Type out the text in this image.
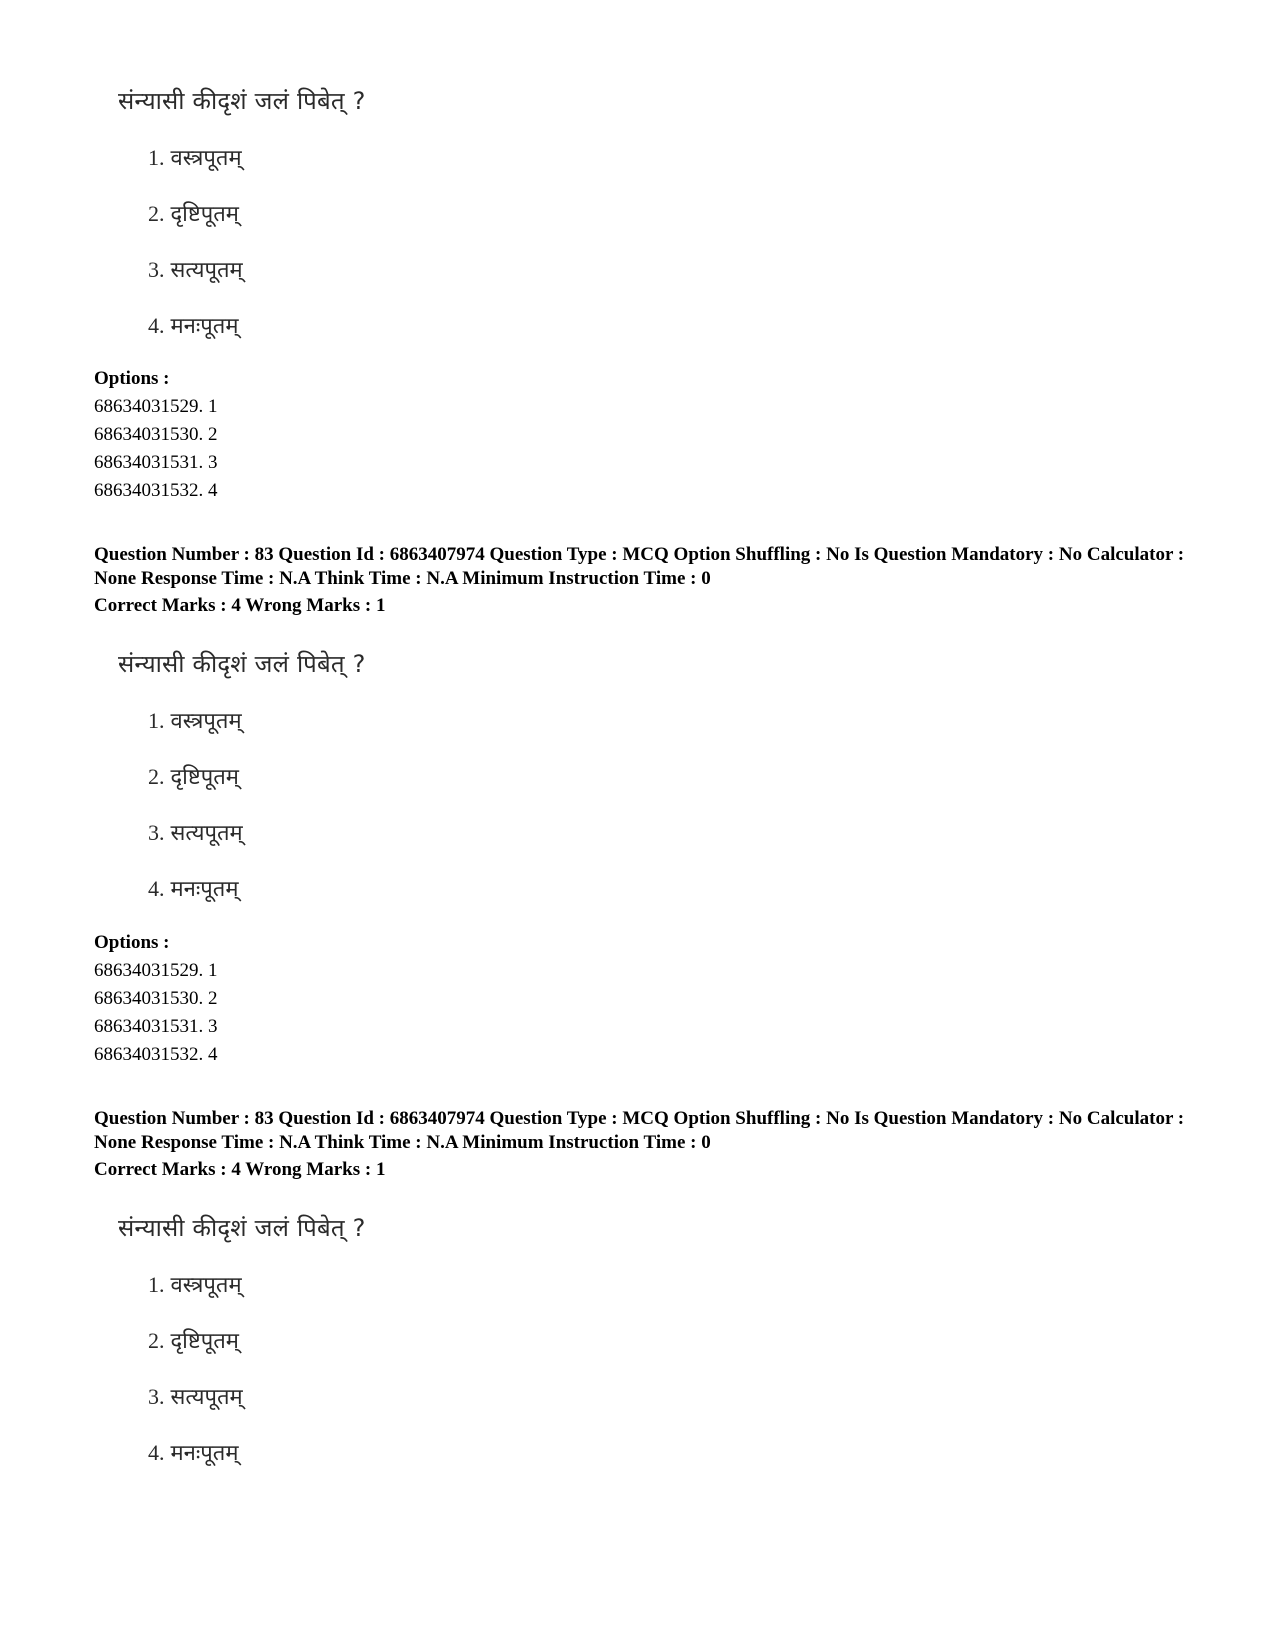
संन्यासी कीदृशं जलं पिबेत् ?
1. वस्त्रपूतम्
2. दृष्टिपूतम्
3. सत्यपूतम्
4. मनःपूतम्
Options :
68634031529. 1
68634031530. 2
68634031531. 3
68634031532. 4
Question Number : 83 Question Id : 6863407974 Question Type : MCQ Option Shuffling : No Is Question Mandatory : No Calculator : None Response Time : N.A Think Time : N.A Minimum Instruction Time : 0
Correct Marks : 4 Wrong Marks : 1
संन्यासी कीदृशं जलं पिबेत् ?
1. वस्त्रपूतम्
2. दृष्टिपूतम्
3. सत्यपूतम्
4. मनःपूतम्
Options :
68634031529. 1
68634031530. 2
68634031531. 3
68634031532. 4
Question Number : 83 Question Id : 6863407974 Question Type : MCQ Option Shuffling : No Is Question Mandatory : No Calculator : None Response Time : N.A Think Time : N.A Minimum Instruction Time : 0
Correct Marks : 4 Wrong Marks : 1
संन्यासी कीदृशं जलं पिबेत् ?
1. वस्त्रपूतम्
2. दृष्टिपूतम्
3. सत्यपूतम्
4. मनःपूतम्
